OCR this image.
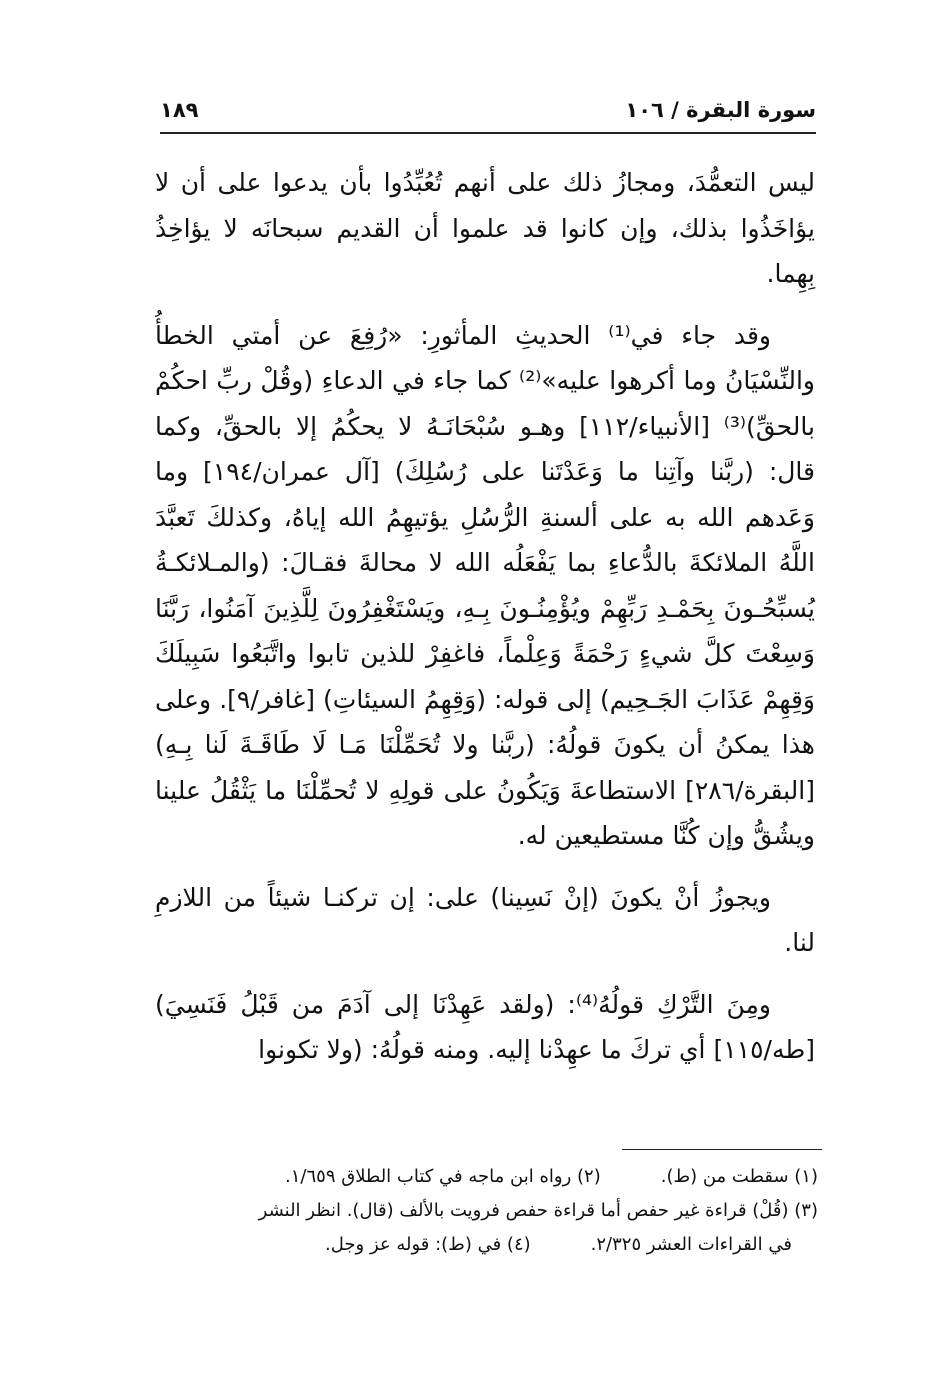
١٨٩	سورة البقرة / ١٠٦

ليس التعمُّدَ، ومجازُ ذلك على أنهم تُعُبِّدُوا بأن يدعوا على أن لا يؤاخَذُوا بذلك، وإن كانوا قد علموا أن القديم سبحانَه لا يؤاخِذُ بِهِما.

وقد جاء في⁽¹⁾ الحديثِ المأثورِ: «رُفِعَ عن أمتي الخطأُ والنِّسْيَانُ وما أكرهوا عليه»⁽²⁾ كما جاء في الدعاءِ (وقُلْ ربِّ احكُمْ بالحقِّ)⁽³⁾ [الأنبياء/١١٢] وهـو سُبْحَانَـهُ لا يحكُمُ إلا بالحقِّ، وكما قال: (ربَّنا وآتِنا ما وَعَدْتَنا على رُسُلِكَ) [آل عمران/١٩٤] وما وَعَدهم الله به على ألسنةِ الرُّسُلِ يؤتيهِمُ الله إياهُ، وكذلكَ تَعبَّدَ اللَّهُ الملائكةَ بالدُّعاءِ بما يَفْعَلُه الله لا محالةَ فقـالَ: (والمـلائكـةُ يُسبِّحُـونَ بِحَمْـدِ رَبِّهِمْ ويُؤْمِنُـونَ بِـهِ، ويَسْتَغْفِرُونَ لِلَّذِينَ آمَنُوا، رَبَّنَا وَسِعْتَ كلَّ شيءٍ رَحْمَةً وَعِلْماً، فاغفِرْ للذين تابوا واتَّبَعُوا سَبِيلَكَ وَقِهِمْ عَذَابَ الجَـحِيم) إلى قوله: (وَقِهِمُ السيئاتِ) [غافر/٩]. وعلى هذا يمكنُ أن يكونَ قولُهُ: (ربَّنا ولا تُحَمِّلْنَا مَـا لَا طَاقَـةَ لَنا بِـهِ) [البقرة/٢٨٦] الاستطاعةَ وَيَكُونُ على قولِهِ لا تُحمِّلْنَا ما يَثْقُلُ علينا ويشُقُّ وإن كُنَّا مستطيعين له.

ويجوزُ أنْ يكونَ (إنْ نَسِينا) على: إن تركنـا شيئاً من اللازمِ لنا.

ومِنَ التَّرْكِ قولُهُ⁽⁴⁾: (ولقد عَهِدْنَا إلى آدَمَ من قَبْلُ فَنَسِيَ) [طه/١١٥] أي تركَ ما عهِدْنا إليه. ومنه قولُهُ: (ولا تكونوا

(١) سقطت من (ط).
(٢) رواه ابن ماجه في كتاب الطلاق ١/٦٥٩.

(٣) (قُلْ) قراءة غير حفص أما قراءة حفص فرويت بالألف (قال). انظر النشر

في القراءات العشر ٢/٣٢٥.
(٤) في (ط): قوله عز وجل.
